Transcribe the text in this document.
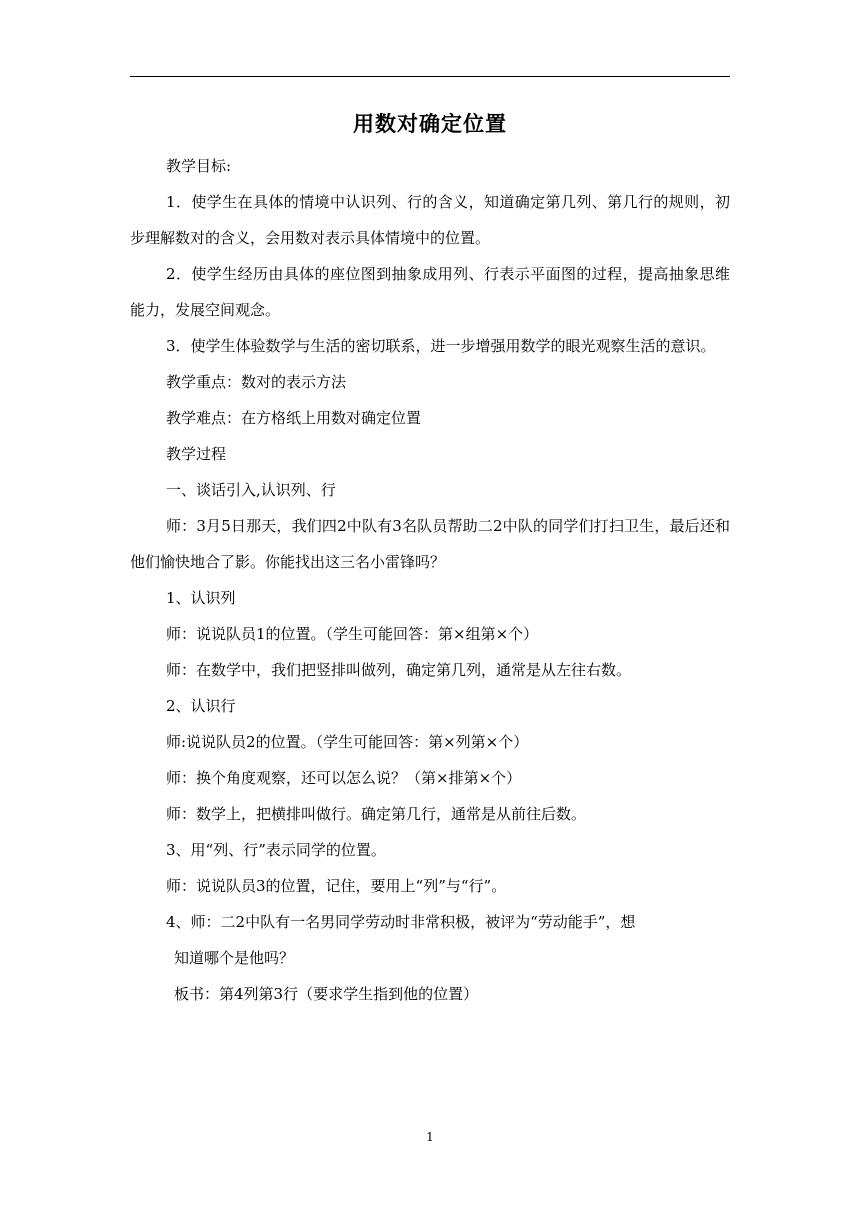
用数对确定位置

教学目标:

1．使学生在具体的情境中认识列、行的含义，知道确定第几列、第几行的规则，初步理解数对的含义，会用数对表示具体情境中的位置。

2．使学生经历由具体的座位图到抽象成用列、行表示平面图的过程，提高抽象思维能力，发展空间观念。

3．使学生体验数学与生活的密切联系，进一步增强用数学的眼光观察生活的意识。

教学重点：数对的表示方法

教学难点：在方格纸上用数对确定位置

教学过程

一、谈话引入,认识列、行

师：3月5日那天，我们四2中队有3名队员帮助二2中队的同学们打扫卫生，最后还和他们愉快地合了影。你能找出这三名小雷锋吗？

1、认识列

师：说说队员1的位置。（学生可能回答：第×组第×个）

师：在数学中，我们把竖排叫做列，确定第几列，通常是从左往右数。

2、认识行

师:说说队员2的位置。（学生可能回答：第×列第×个）

师：换个角度观察，还可以怎么说？（第×排第×个）

师：数学上，把横排叫做行。确定第几行，通常是从前往后数。

3、用“列、行”表示同学的位置。

师：说说队员3的位置，记住，要用上“列”与“行”。

4、师：二2中队有一名男同学劳动时非常积极，被评为“劳动能手”，想

知道哪个是他吗？

板书：第4列第3行（要求学生指到他的位置）

1
